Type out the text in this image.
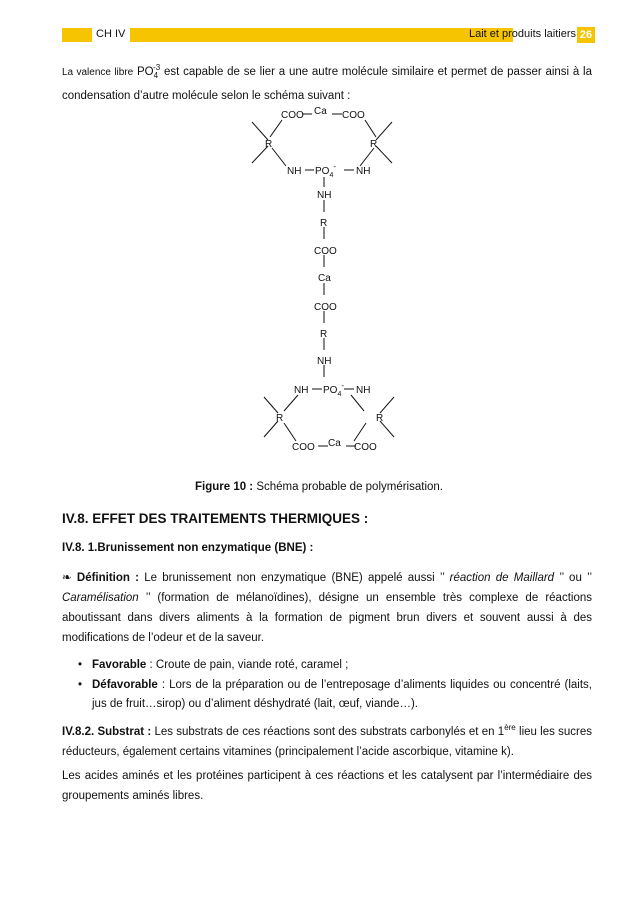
CH IV	Lait et produits laitiers 26
La valence libre $PO_4^{-3}$ est capable de se lier a une autre molécule similaire et permet de passer ainsi à la condensation d’autre molécule selon le schéma suivant :
COO Ca COO
R	R
NH $PO_4^-$ NH
NH
R
COO
Ca
COO
R
NH
NH $PO_4^-$ NH
R	R
COO Ca COO
Figure 10 : Schéma probable de polymérisation.
IV.8. EFFET DES TRAITEMENTS THERMIQUES :
IV.8. 1.Brunissement non enzymatique (BNE) :
❧ Définition : Le brunissement non enzymatique (BNE) appelé aussi ’’ réaction de Maillard ’’ ou ’’ Caramélisation ’’ (formation de mélanoïdines), désigne un ensemble très complexe de réactions aboutissant dans divers aliments à la formation de pigment brun divers et souvent aussi à des modifications de l’odeur et de la saveur.
• Favorable : Croute de pain, viande roté, caramel ;
• Défavorable : Lors de la préparation ou de l’entreposage d’aliments liquides ou concentré (laits, jus de fruit…sirop) ou d’aliment déshydraté (lait, œuf, viande…).
IV.8.2. Substrat : Les substrats de ces réactions sont des substrats carbonylés et en 1ère lieu les sucres réducteurs, également certains vitamines (principalement l’acide ascorbique, vitamine k).
Les acides aminés et les protéines participent à ces réactions et les catalysent par l’intermédiaire des groupements aminés libres.
